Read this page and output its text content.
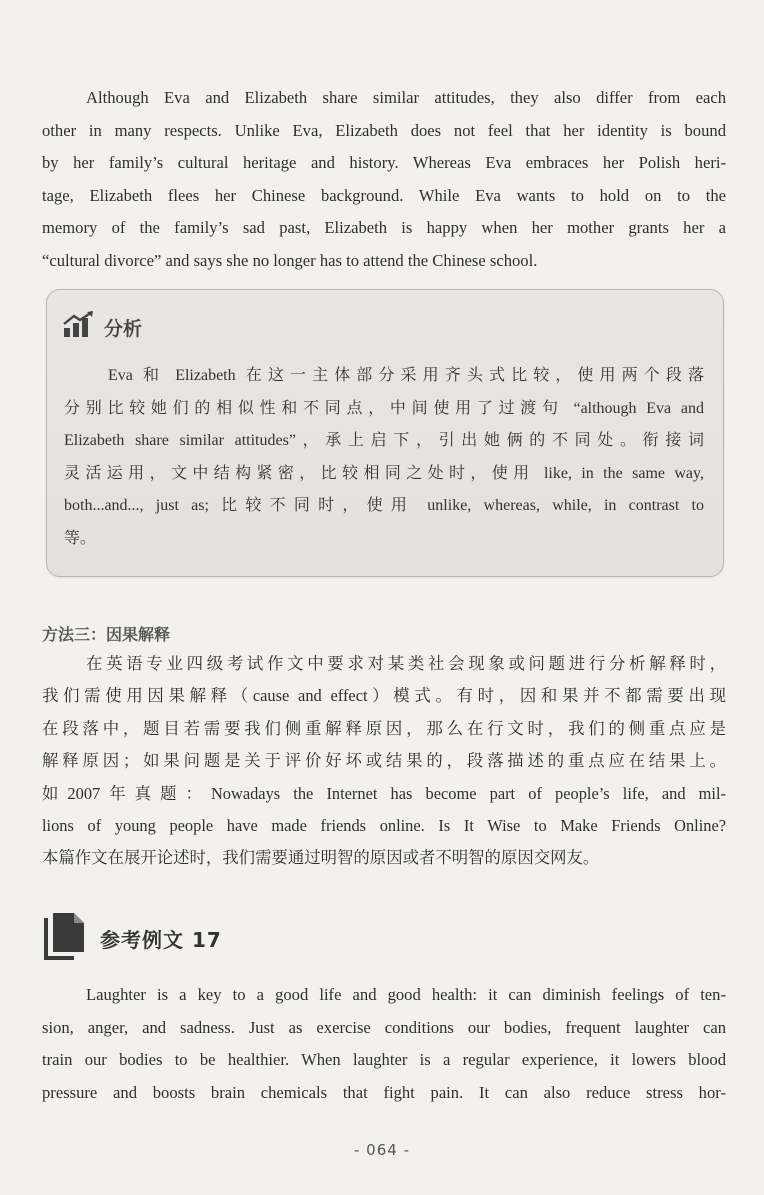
Although Eva and Elizabeth share similar attitudes, they also differ from each
other in many respects. Unlike Eva, Elizabeth does not feel that her identity is bound
by her family’s cultural heritage and history. Whereas Eva embraces her Polish heri-
tage, Elizabeth flees her Chinese background. While Eva wants to hold on to the
memory of the family’s sad past, Elizabeth is happy when her mother grants her a
“cultural divorce” and says she no longer has to attend the Chinese school.
分析
Eva 和 Elizabeth 在这一主体部分采用齐头式比较，使用两个段落
分别比较她们的相似性和不同点，中间使用了过渡句 “although Eva and
Elizabeth share similar attitudes”，承上启下，引出她俩的不同处。衔接词
灵活运用，文中结构紧密，比较相同之处时，使用 like, in the same way,
both...and..., just as; 比较不同时，使用 unlike, whereas, while, in contrast to
等。
方法三：因果解释
在英语专业四级考试作文中要求对某类社会现象或问题进行分析解释时，
我们需使用因果解释（cause and effect）模式。有时，因和果并不都需要出现
在段落中，题目若需要我们侧重解释原因，那么在行文时，我们的侧重点应是
解释原因；如果问题是关于评价好坏或结果的，段落描述的重点应在结果上。
如2007年真题：Nowadays the Internet has become part of people’s life, and mil-
lions of young people have made friends online. Is It Wise to Make Friends Online?
本篇作文在展开论述时，我们需要通过明智的原因或者不明智的原因交网友。
参考例文 17
Laughter is a key to a good life and good health: it can diminish feelings of ten-
sion, anger, and sadness. Just as exercise conditions our bodies, frequent laughter can
train our bodies to be healthier. When laughter is a regular experience, it lowers blood
pressure and boosts brain chemicals that fight pain. It can also reduce stress hor-
- 064 -
